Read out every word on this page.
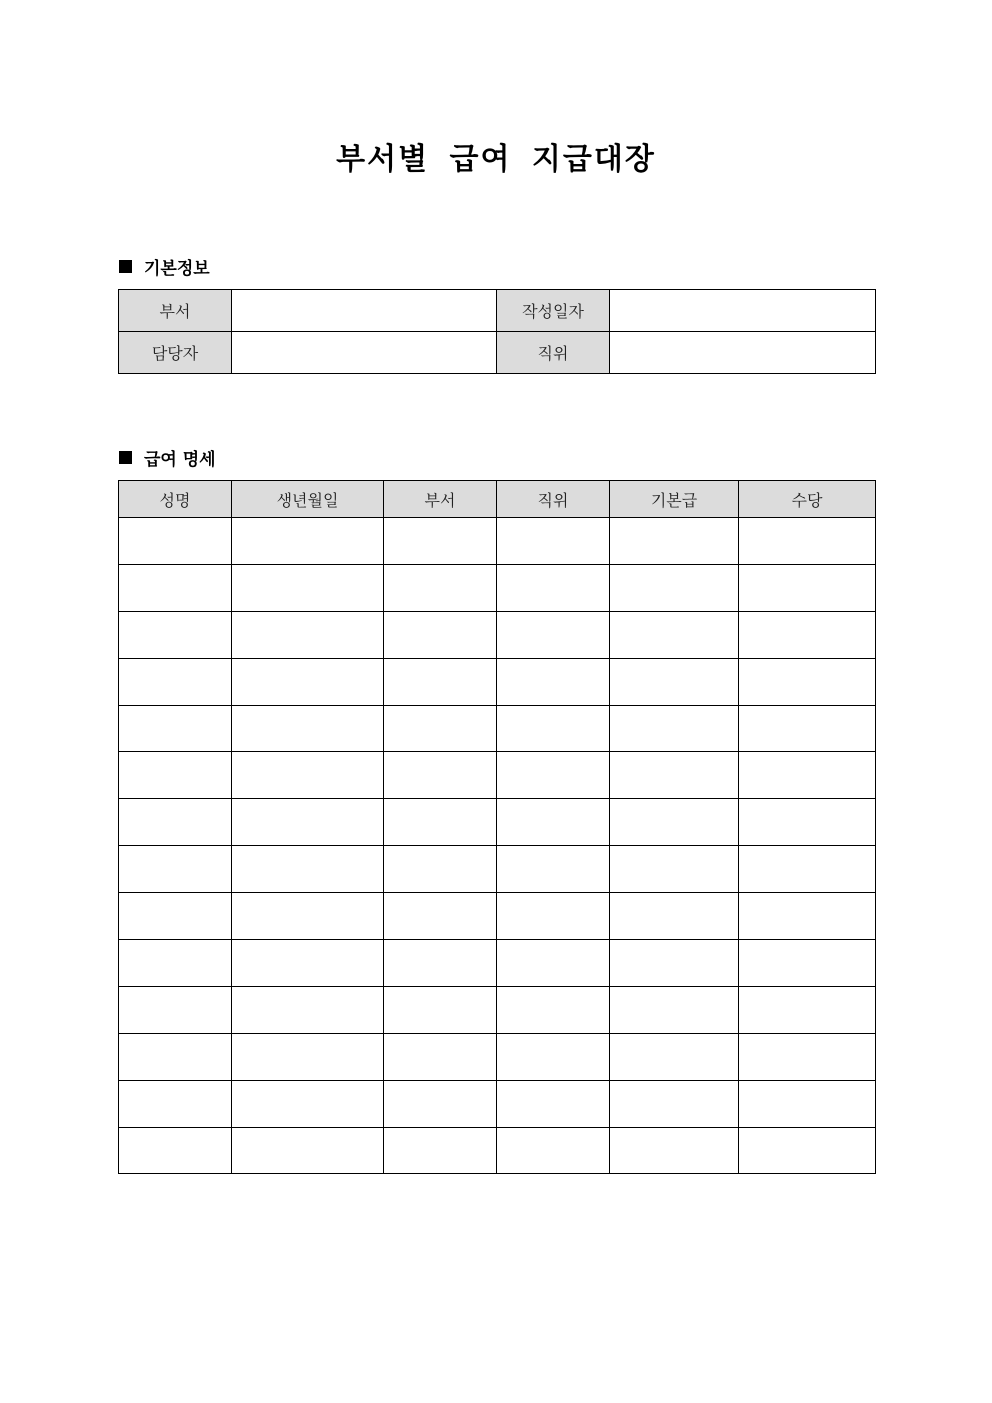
부서별 급여 지급대장
기본정보
부서		작성일자	
담당자		직위	
급여 명세
성명	생년월일	부서	직위	기본급	수당
